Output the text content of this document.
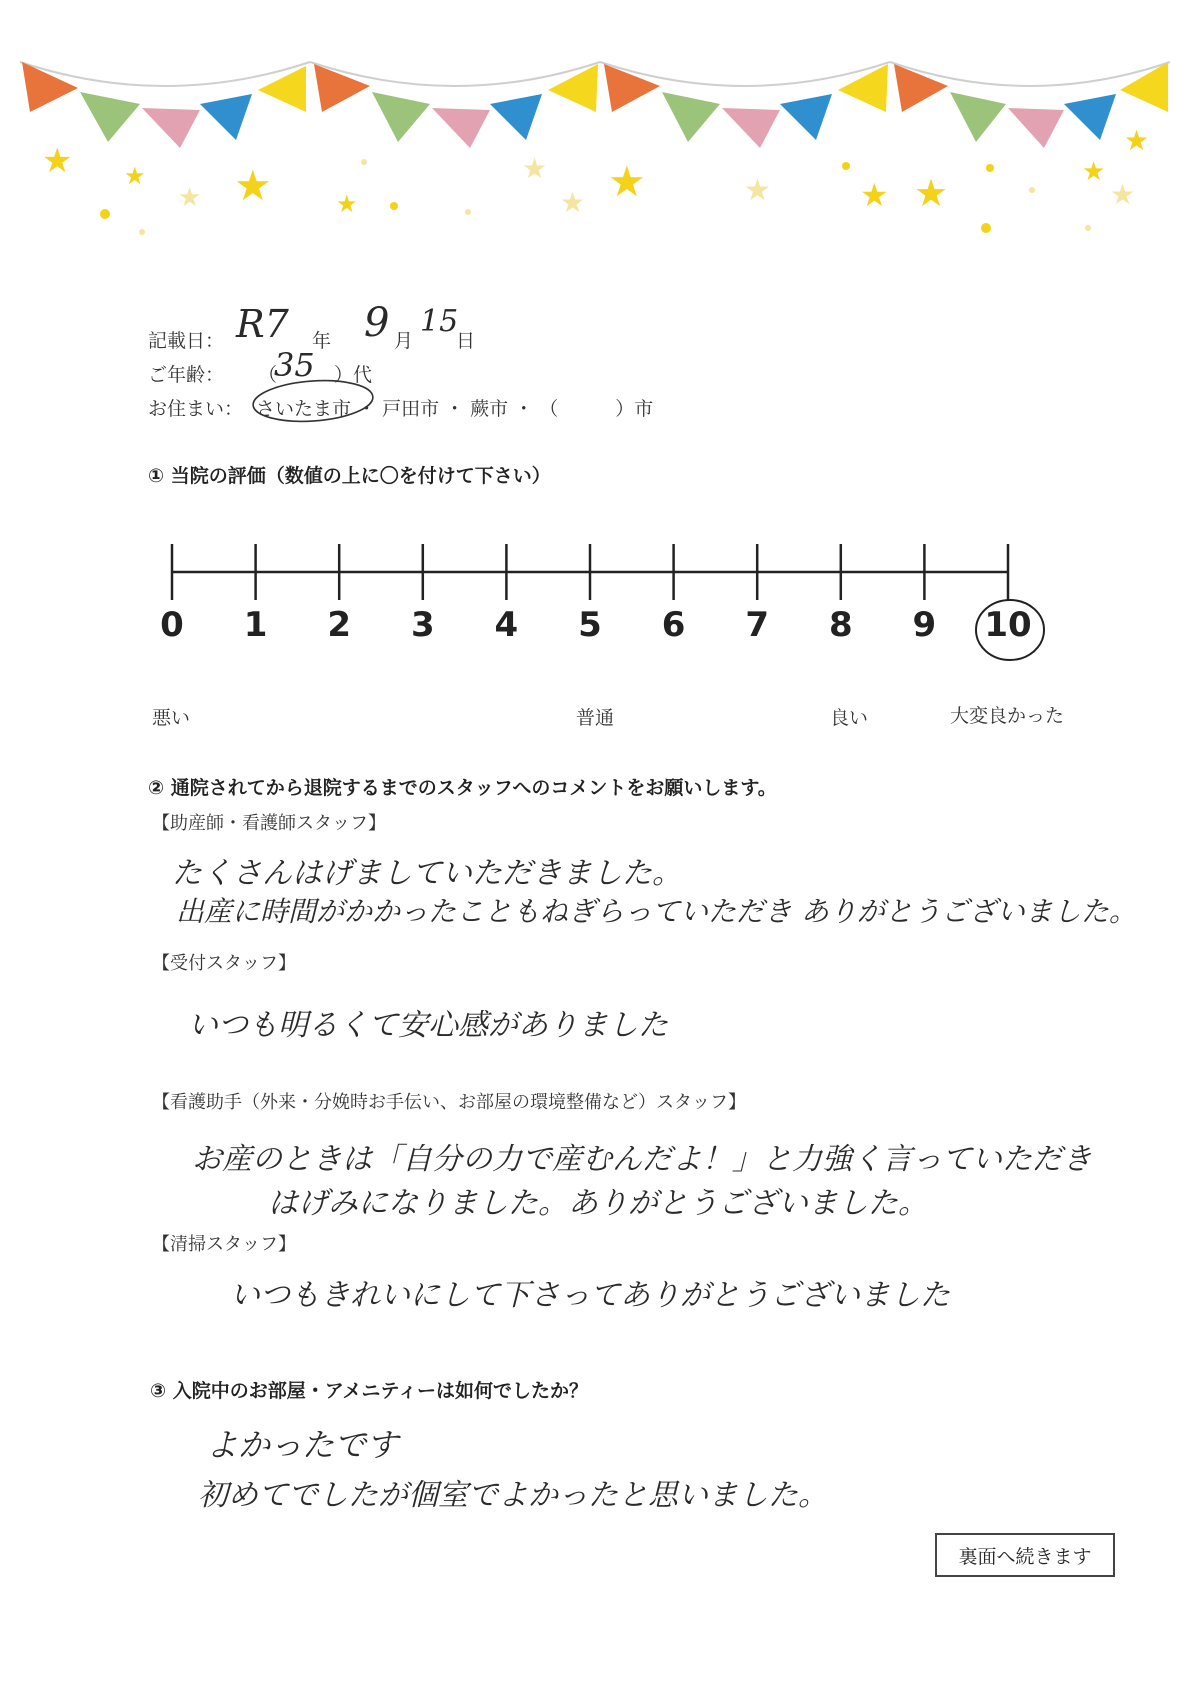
★ ★
★ ★	★
★
★ ★	★	★ ★	★
★
★
記載日： R7 年 9 月
15
日
ご年齢： （
35 ）代
お住まい： さいたま市 ・ 戸田市 ・ 蕨市 ・ （　　　）市
① 当院の評価（数値の上に〇を付けて下さい）
0	1	2	3	4	5	6	7	8	9	10
悪い	普通	良い	大変良かった
② 通院されてから退院するまでのスタッフへのコメントをお願いします。
【助産師・看護師スタッフ】
たくさんはげましていただきました。
出産に時間がかかったこともねぎらっていただき ありがとうございました。
【受付スタッフ】
いつも明るくて安心感がありました
【看護助手（外来・分娩時お手伝い、お部屋の環境整備など）スタッフ】
お産のときは「自分の力で産むんだよ！」と力強く言っていただき
はげみになりました。ありがとうございました。
【清掃スタッフ】
いつもきれいにして下さってありがとうございました
③ 入院中のお部屋・アメニティーは如何でしたか？
よかったです
初めてでしたが個室でよかったと思いました。
裏面へ続きます
